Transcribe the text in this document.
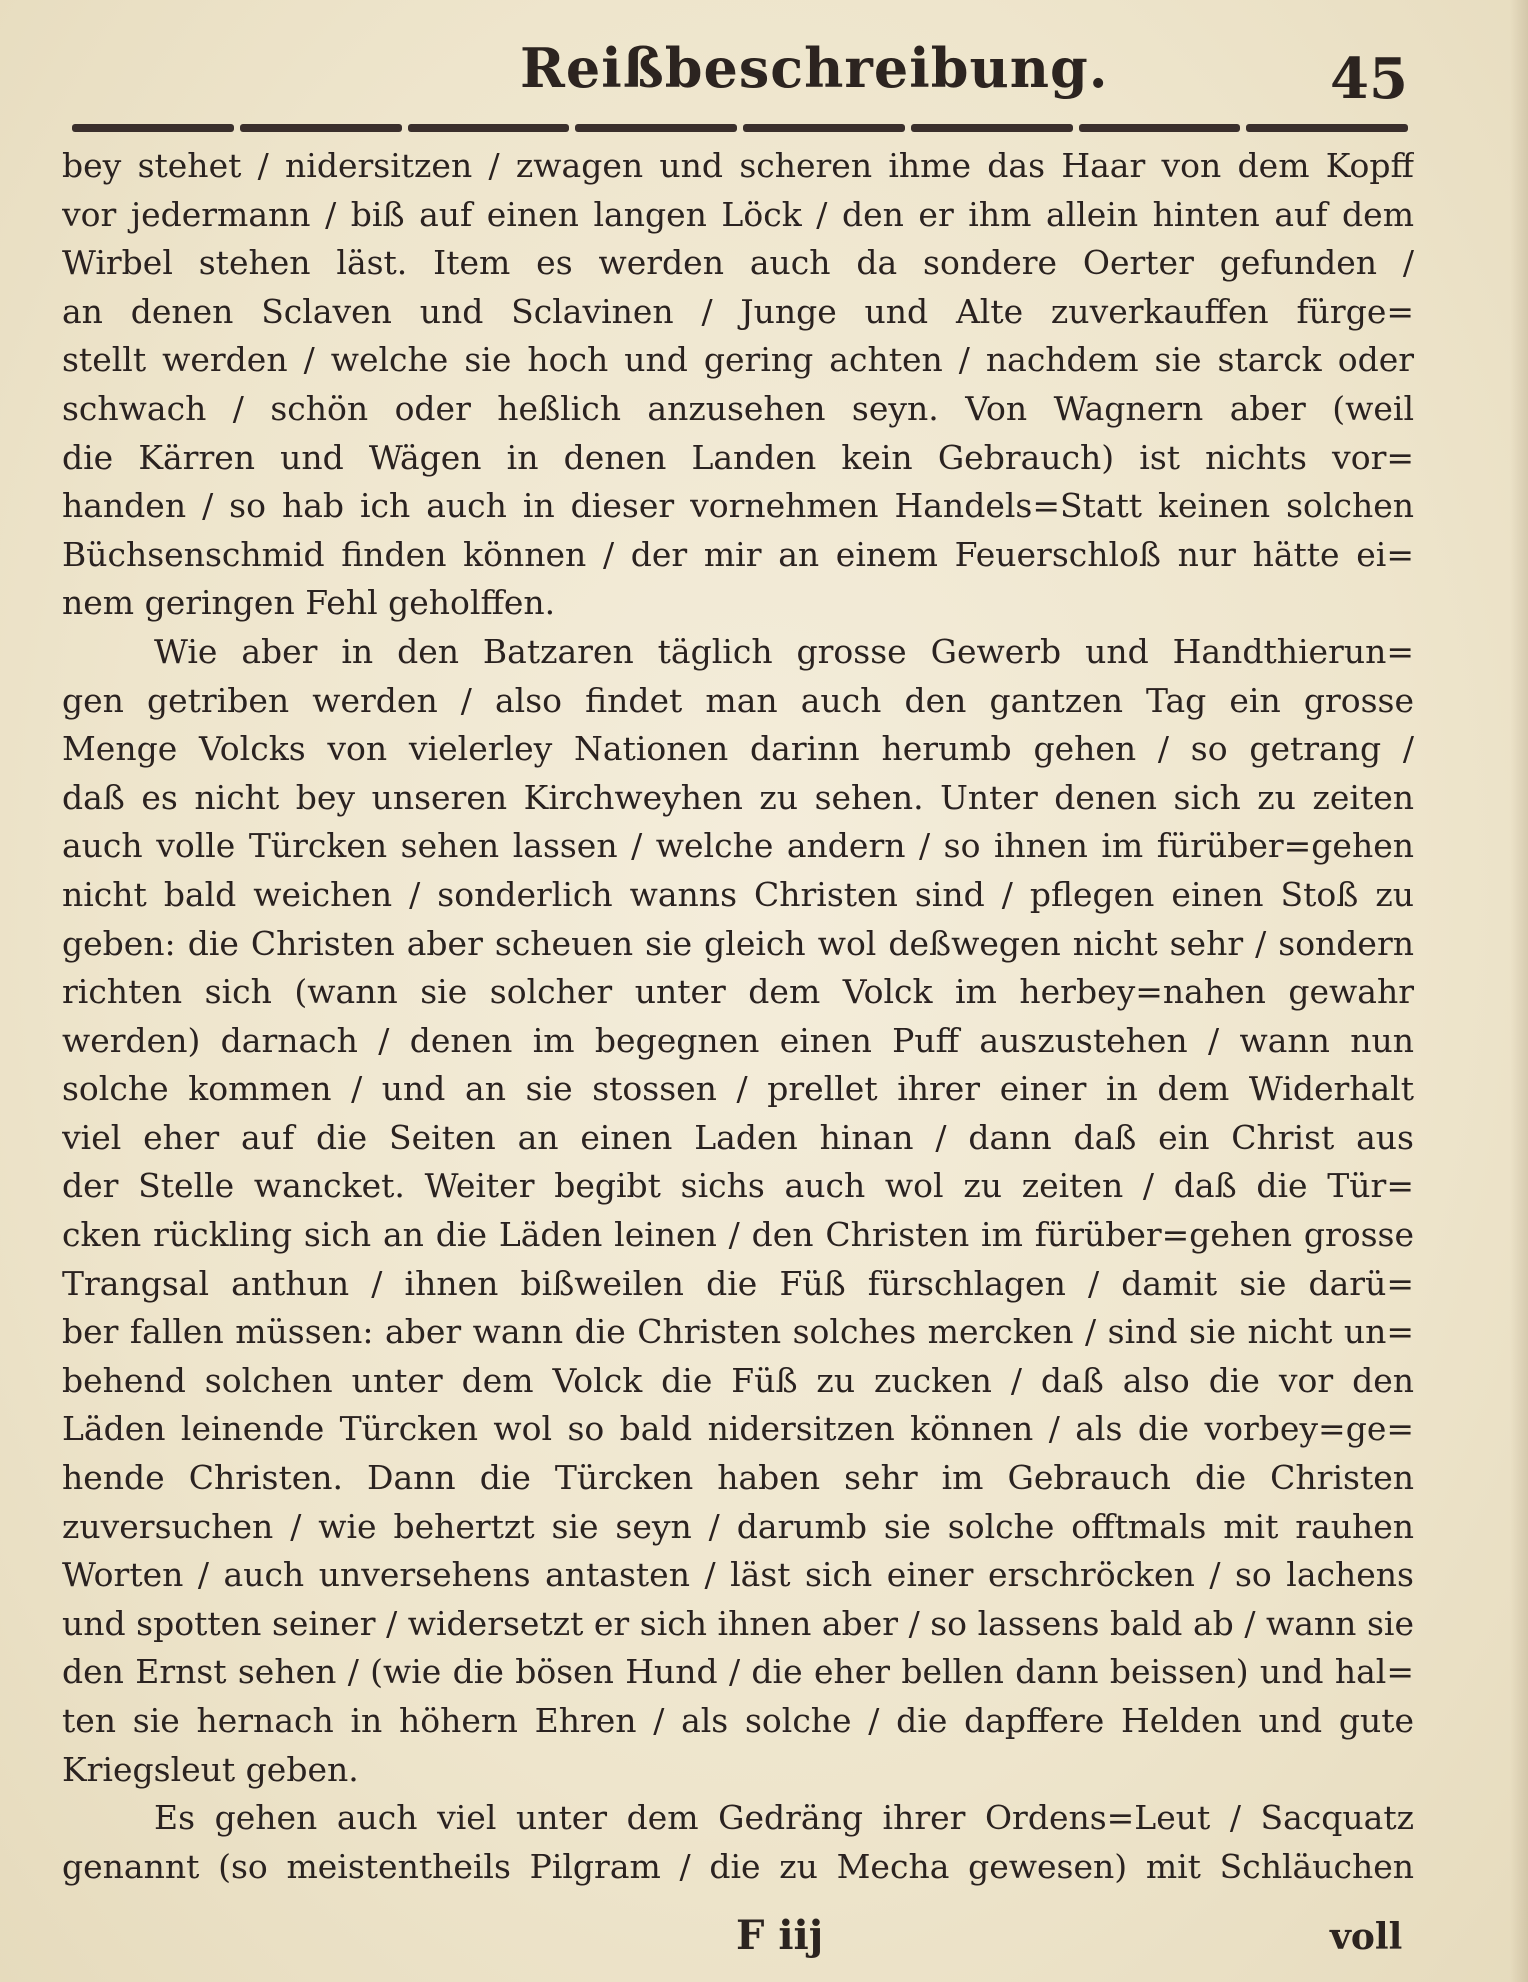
Reißbeschreibung.	45
bey stehet / nidersitzen / zwagen und scheren ihme das Haar von dem Kopff
vor jedermann / biß auf einen langen Löck / den er ihm allein hinten auf dem
Wirbel stehen läst. Item es werden auch da sondere Oerter gefunden /
an denen Sclaven und Sclavinen / Junge und Alte zuverkauffen fürge=
stellt werden / welche sie hoch und gering achten / nachdem sie starck oder
schwach / schön oder heßlich anzusehen seyn. Von Wagnern aber (weil
die Kärren und Wägen in denen Landen kein Gebrauch) ist nichts vor=
handen / so hab ich auch in dieser vornehmen Handels=Statt keinen solchen
Büchsenschmid finden können / der mir an einem Feuerschloß nur hätte ei=
nem geringen Fehl geholffen.
Wie aber in den Batzaren täglich grosse Gewerb und Handthierun=
gen getriben werden / also findet man auch den gantzen Tag ein grosse
Menge Volcks von vielerley Nationen darinn herumb gehen / so getrang /
daß es nicht bey unseren Kirchweyhen zu sehen. Unter denen sich zu zeiten
auch volle Türcken sehen lassen / welche andern / so ihnen im fürüber=gehen
nicht bald weichen / sonderlich wanns Christen sind / pflegen einen Stoß zu
geben: die Christen aber scheuen sie gleich wol deßwegen nicht sehr / sondern
richten sich (wann sie solcher unter dem Volck im herbey=nahen gewahr
werden) darnach / denen im begegnen einen Puff auszustehen / wann nun
solche kommen / und an sie stossen / prellet ihrer einer in dem Widerhalt
viel eher auf die Seiten an einen Laden hinan / dann daß ein Christ aus
der Stelle wancket. Weiter begibt sichs auch wol zu zeiten / daß die Tür=
cken rückling sich an die Läden leinen / den Christen im fürüber=gehen grosse
Trangsal anthun / ihnen bißweilen die Füß fürschlagen / damit sie darü=
ber fallen müssen: aber wann die Christen solches mercken / sind sie nicht un=
behend solchen unter dem Volck die Füß zu zucken / daß also die vor den
Läden leinende Türcken wol so bald nidersitzen können / als die vorbey=ge=
hende Christen. Dann die Türcken haben sehr im Gebrauch die Christen
zuversuchen / wie behertzt sie seyn / darumb sie solche offtmals mit rauhen
Worten / auch unversehens antasten / läst sich einer erschröcken / so lachens
und spotten seiner / widersetzt er sich ihnen aber / so lassens bald ab / wann sie
den Ernst sehen / (wie die bösen Hund / die eher bellen dann beissen) und hal=
ten sie hernach in höhern Ehren / als solche / die dapffere Helden und gute
Kriegsleut geben.
Es gehen auch viel unter dem Gedräng ihrer Ordens=Leut / Sacquatz
genannt (so meistentheils Pilgram / die zu Mecha gewesen) mit Schläuchen
F iij	voll
